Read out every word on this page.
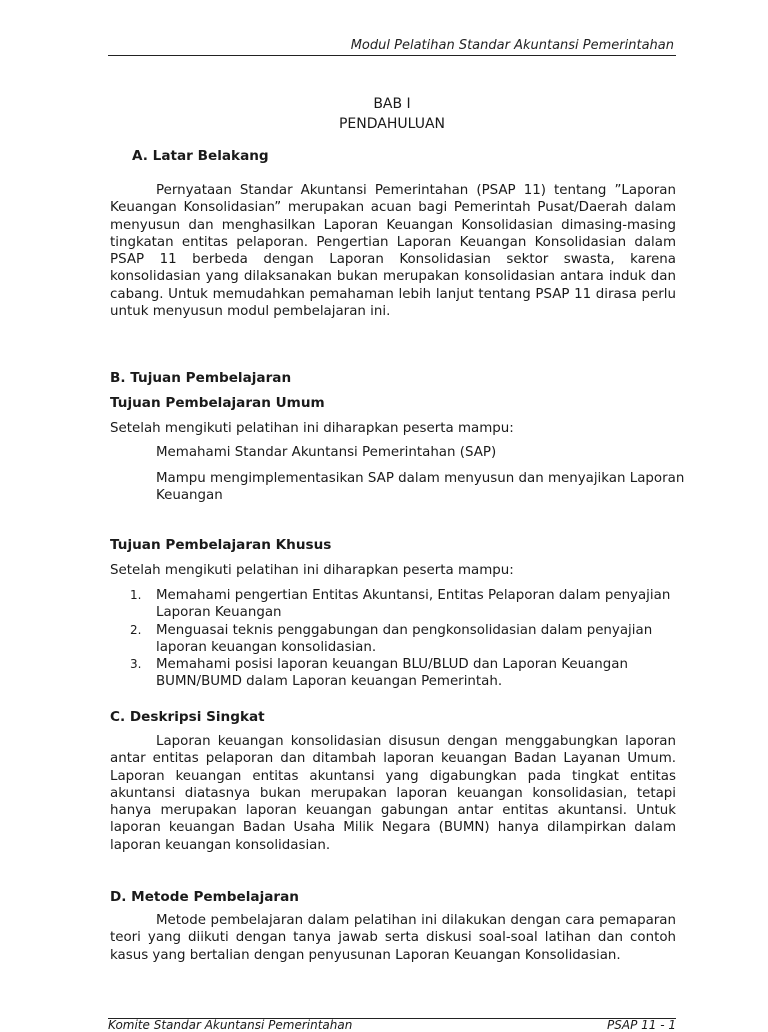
Modul Pelatihan Standar Akuntansi Pemerintahan
BAB I
PENDAHULUAN
A. Latar Belakang
Pernyataan Standar Akuntansi Pemerintahan (PSAP 11) tentang ”Laporan Keuangan Konsolidasian” merupakan acuan bagi Pemerintah Pusat/Daerah dalam menyusun dan menghasilkan Laporan Keuangan Konsolidasian dimasing-masing tingkatan entitas pelaporan. Pengertian Laporan Keuangan Konsolidasian dalam PSAP 11 berbeda dengan Laporan Konsolidasian sektor swasta, karena konsolidasian yang dilaksanakan bukan merupakan konsolidasian antara induk dan cabang. Untuk memudahkan pemahaman lebih lanjut tentang PSAP 11 dirasa perlu untuk menyusun modul pembelajaran ini.
B. Tujuan Pembelajaran
Tujuan Pembelajaran Umum
Setelah mengikuti pelatihan ini diharapkan peserta mampu:
Memahami Standar Akuntansi Pemerintahan (SAP)
Mampu mengimplementasikan SAP dalam menyusun dan menyajikan Laporan Keuangan
Tujuan Pembelajaran Khusus
Setelah mengikuti pelatihan ini diharapkan peserta mampu:
1.	Memahami pengertian Entitas Akuntansi, Entitas Pelaporan dalam penyajian Laporan Keuangan
2.	Menguasai teknis penggabungan dan pengkonsolidasian dalam penyajian laporan keuangan konsolidasian.
3.	Memahami posisi laporan keuangan BLU/BLUD dan Laporan Keuangan BUMN/BUMD dalam Laporan keuangan Pemerintah.
C. Deskripsi Singkat
Laporan keuangan konsolidasian disusun dengan menggabungkan laporan antar entitas pelaporan dan ditambah laporan keuangan Badan Layanan Umum. Laporan keuangan entitas akuntansi yang digabungkan pada tingkat entitas akuntansi diatasnya bukan merupakan laporan keuangan konsolidasian, tetapi hanya merupakan laporan keuangan gabungan antar entitas akuntansi. Untuk laporan keuangan Badan Usaha Milik Negara (BUMN) hanya dilampirkan dalam laporan keuangan konsolidasian.
D. Metode Pembelajaran
Metode pembelajaran dalam pelatihan ini dilakukan dengan cara pemaparan teori yang diikuti dengan tanya jawab serta diskusi soal-soal latihan dan contoh kasus yang bertalian dengan penyusunan Laporan Keuangan Konsolidasian.
Komite Standar Akuntansi Pemerintahan	PSAP 11 - 1
